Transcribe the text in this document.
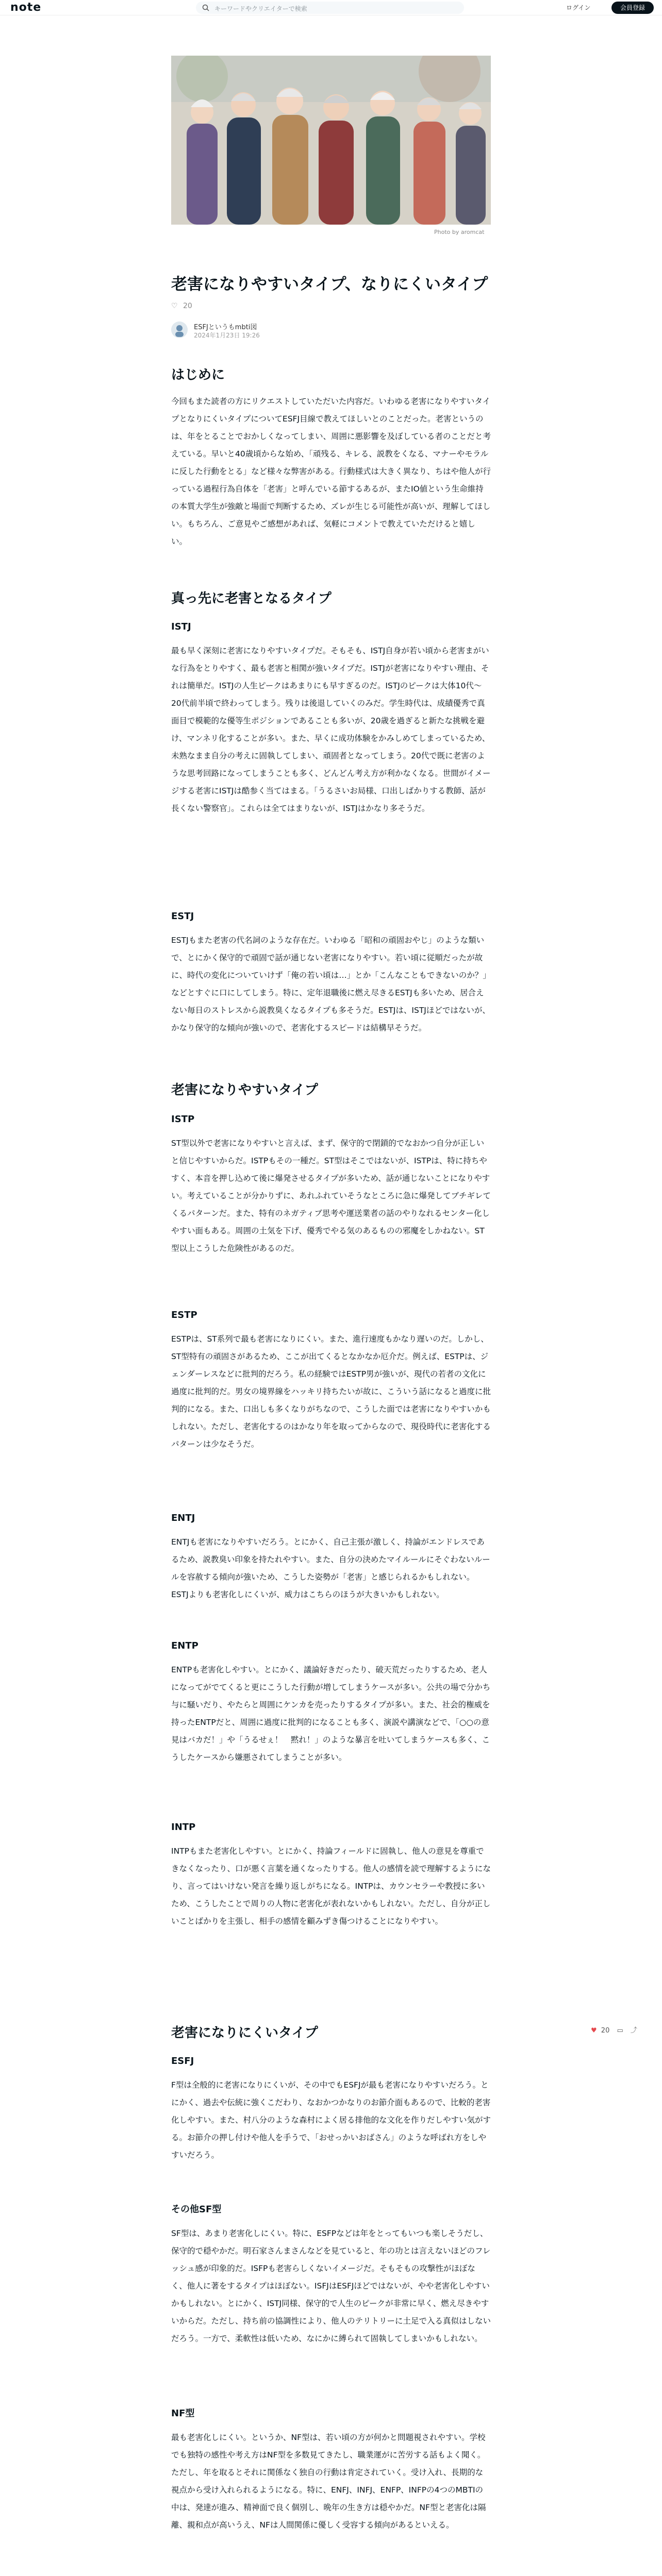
note	キーワードやクリエイターで検索	ログイン	会員登録
Photo by aromcat
老害になりやすいタイプ、なりにくいタイプ
♡ 20
ESFJというもmbti図
2024年1月23日 19:26
はじめに
今回もまた読者の方にリクエストしていただいた内容だ。いわゆる老害になりやすいタイプとなりにくいタイプについてESFJ目線で教えてほしいとのことだった。老害というのは、年をとることでおかしくなってしまい、周囲に悪影響を及ぼしている者のことだと考えている。早いと40歳頃からな始め、「頑残る、キレる、説教をくなる、マナーやモラルに反した行動をとる」など様々な弊害がある。行動様式は大きく異なり、ちはや他人が行っている過程行為自体を「老害」と呼んでいる節するあるが、またIO値という生命維持の本質大学生が強敵と場面で判断するため、ズレが生じる可能性が高いが、理解してほしい。もちろん、ご意見やご感想があれば、気軽にコメントで教えていただけると嬉しい。
真っ先に老害となるタイプ
ISTJ
最も早く深刻に老害になりやすいタイプだ。そもそも、ISTJ自身が若い頃から老害まがいな行為をとりやすく、最も老害と相関が強いタイプだ。ISTJが老害になりやすい理由、それは簡単だ。ISTJの人生ピークはあまりにも早すぎるのだ。ISTJのピークは大体10代〜20代前半頃で終わってしまう。残りは後退していくのみだ。学生時代は、成績優秀で真面目で模範的な優等生ポジションであることも多いが、20歳を過ぎると新たな挑戦を避け、マンネリ化することが多い。また、早くに成功体験をかみしめてしまっているため、未熟なまま自分の考えに固執してしまい、頑固者となってしまう。20代で既に老害のような思考回路になってしまうことも多く、どんどん考え方が利かなくなる。世間がイメージする老害にISTJは酷参く当てはまる。「うるさいお局様、口出しばかりする教師、話が長くない警察官」。これらは全てはまりないが、ISTJはかなり多そうだ。
ESTJ
ESTJもまた老害の代名詞のような存在だ。いわゆる「昭和の頑固おやじ」のような類いで、とにかく保守的で頑固で話が通じない老害になりやすい。若い頃に従順だったが故に、時代の変化についていけず「俺の若い頃は…」とか「こんなこともできないのか？」などとすぐに口にしてしまう。特に、定年退職後に燃え尽きるESTJも多いため、居合えない毎日のストレスから説教臭くなるタイプも多そうだ。ESTJは、ISTJほどではないが、かなり保守的な傾向が強いので、老害化するスピードは結構早そうだ。
老害になりやすいタイプ
ISTP
ST型以外で老害になりやすいと言えば、まず、保守的で閉鎖的でなおかつ自分が正しいと信じやすいからだ。ISTPもその一種だ。ST型はそこではないが、ISTPは、特に持ちやすく、本音を押し込めて後に爆発させるタイプが多いため、話が通じないことになりやすい。考えていることが分かりずに、あれふれていそうなところに急に爆発してブチギレてくるパターンだ。また、特有のネガティブ思考や運送業者の話のやりなれるセンター化しやすい面もある。周囲の土気を下げ、優秀でやる気のあるものの邪魔をしかねない。ST型以上こうした危険性があるのだ。
ESTP
ESTPは、ST系列で最も老害になりにくい。また、進行速度もかなり遅いのだ。しかし、ST型特有の頑固さがあるため、ここが出てくるとなかなか厄介だ。例えば、ESTPは、ジェンダーレスなどに批判的だろう。私の経験ではESTP男が強いが、現代の若者の文化に過度に批判的だ。男女の境界線をハッキリ持ちたいが故に、こういう話になると過度に批判的になる。また、口出しも多くなりがちなので、こうした面では老害になりやすいかもしれない。ただし、老害化するのはかなり年を取ってからなので、現役時代に老害化するパターンは少なそうだ。
ENTJ
ENTJも老害になりやすいだろう。とにかく、自己主張が激しく、持論がエンドレスであるため、説教臭い印象を持たれやすい。また、自分の決めたマイルールにそぐわないルールを容赦する傾向が強いため、こうした姿勢が「老害」と感じられるかもしれない。ESTJよりも老害化しにくいが、威力はこちらのほうが大きいかもしれない。
ENTP
ENTPも老害化しやすい。とにかく、議論好きだったり、破天荒だったりするため、老人になってがでてくると更にこうした行動が増してしまうケースが多い。公共の場で分かち与に騒いだり、やたらと周囲にケンカを売ったりするタイプが多い。また、社会的権威を持ったENTPだと、周囲に過度に批判的になることも多く、演説や講演などで、「○○の意見はバカだ！」や「うるせぇ！　黙れ！」のような暴言を吐いてしまうケースも多く、こうしたケースから嫌悪されてしまうことが多い。
INTP
INTPもまた老害化しやすい。とにかく、持論フィールドに固執し、他人の意見を尊重できなくなったり、口が悪く言葉を通くなったりする。他人の感情を読で理解するようになり、言ってはいけない発言を繰り返しがちになる。INTPは、カウンセラーや教授に多いため、こうしたことで周りの人物に老害化が表れないかもしれない。ただし、自分が正しいことばかりを主張し、相手の感情を顧みずき傷つけることになりやすい。
♥ 20 ▭ ⤴
老害になりにくいタイプ
ESFJ
F型は全般的に老害になりにくいが、その中でもESFJが最も老害になりやすいだろう。とにかく、過去や伝統に強くこだわり、なおかつかなりのお節介面もあるので、比較的老害化しやすい。また、村八分のような森村によく居る排他的な文化を作りだしやすい気がする。お節介の押し付けや他人を手うで、「おせっかいおばさん」のような呼ばれ方をしやすいだろう。
その他SF型
SF型は、あまり老害化しにくい。特に、ESFPなどは年をとってもいつも楽しそうだし、保守的で穏やかだ。明石家さんまさんなどを見ていると、年の功とは言えないほどのフレッシュ感が印象的だ。ISFPも老害らしくないイメージだ。そもそもの攻撃性がほぼなく、他人に著をするタイプはほぼない。ISFJはESFJほどではないが、やや老害化しやすいかもしれない。とにかく、ISTJ同様、保守的で人生のピークが非常に早く、燃え尽きやすいからだ。ただし、持ち前の協調性により、他人のテリトリーに土足で入る真似はしないだろう。一方で、柔軟性は低いため、なにかに縛られて固執してしまいかもしれない。
NF型
最も老害化しにくい。というか、NF型は、若い頃の方が何かと問題視されやすい。学校でも独特の感性や考え方はNF型を多数見てきたし、職業運がに苦労する話もよく聞く。ただし、年を取るとそれに関係なく独自の行動は肯定されていく。受け入れ、長期的な視点から受け入れられるようになる。特に、ENFJ、INFJ、ENFP、INFPの4つのMBTIの中は、発達が進み、精神面で良く個別し、晩年の生き方は穏やかだ。NF型と老害化は隔離、親和点が高いうえ、NFは人間関係に優しく受容する傾向があるといえる。
